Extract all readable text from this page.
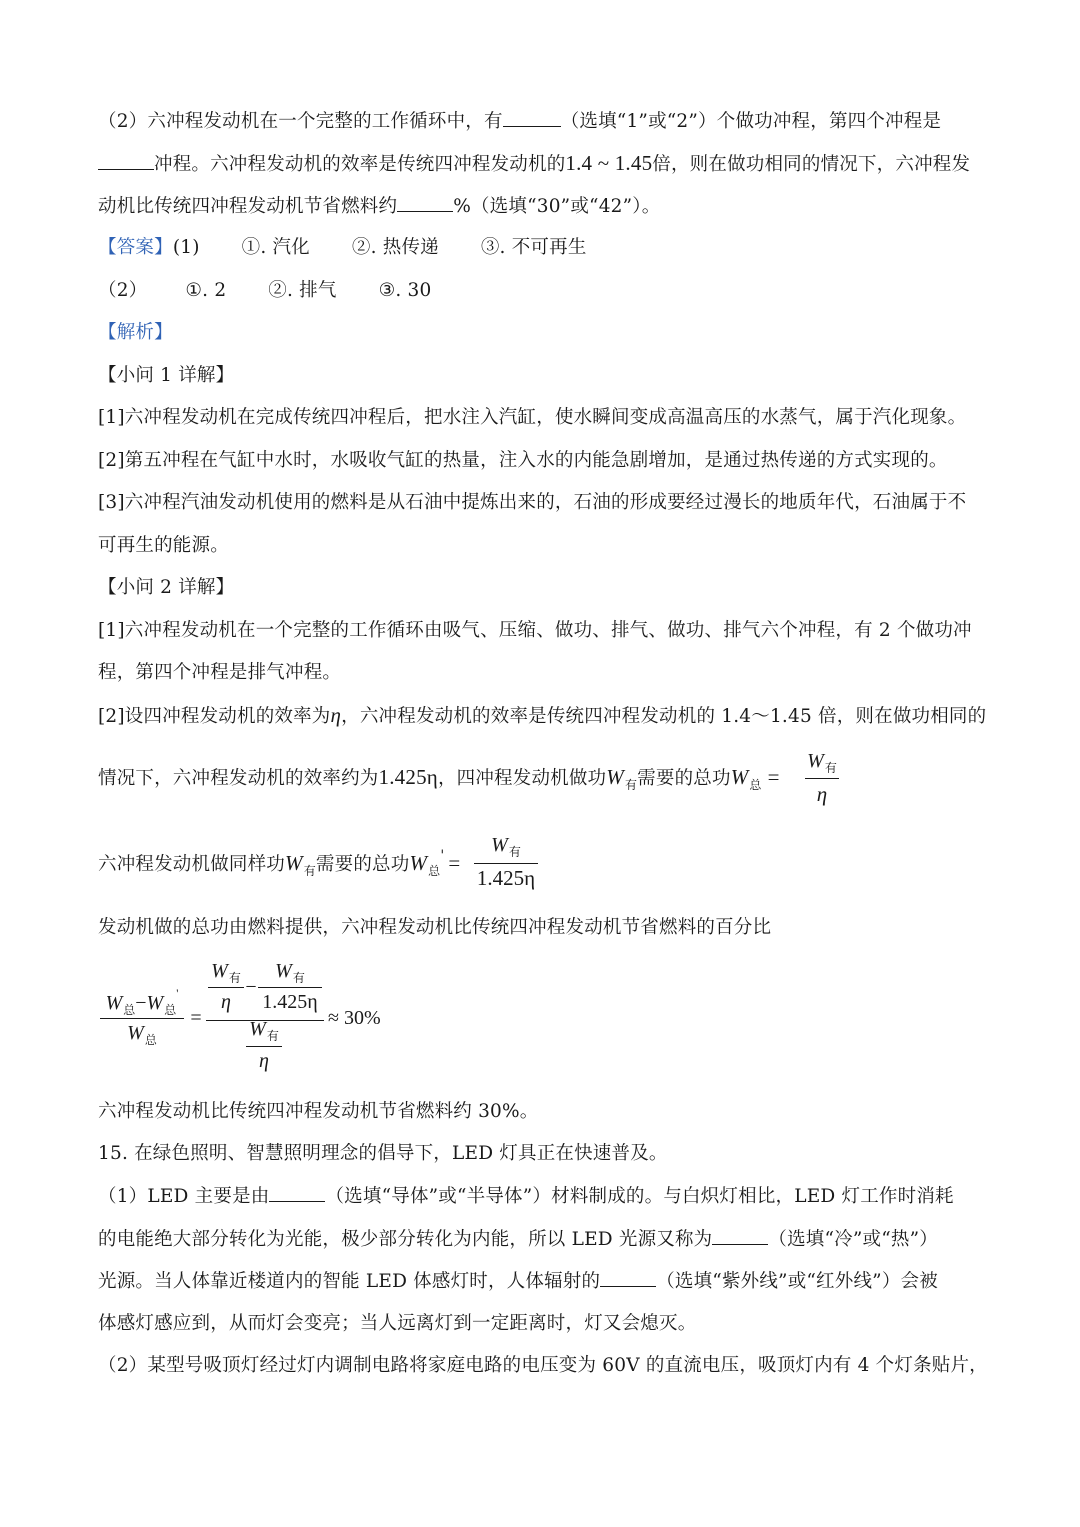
（2）六冲程发动机在一个完整的工作循环中，有	（选填“1”或“2”）个做功冲程，第四个冲程是
冲程。六冲程发动机的效率是传统四冲程发动机的1.4 ~ 1.45倍，则在做功相同的情况下，六冲程发
动机比传统四冲程发动机节省燃料约	%（选填“30”或“42”）。
【答案】(1) ①. 汽化 ②. 热传递 ③. 不可再生
（2） ①. 2 ②. 排气 ③. 30
【解析】
【小问 1 详解】
[1]六冲程发动机在完成传统四冲程后，把水注入汽缸，使水瞬间变成高温高压的水蒸气，属于汽化现象。
[2]第五冲程在气缸中水时，水吸收气缸的热量，注入水的内能急剧增加，是通过热传递的方式实现的。
[3]六冲程汽油发动机使用的燃料是从石油中提炼出来的，石油的形成要经过漫长的地质年代，石油属于不
可再生的能源。
【小问 2 详解】
[1]六冲程发动机在一个完整的工作循环由吸气、压缩、做功、排气、做功、排气六个冲程，有 2 个做功冲
程，第四个冲程是排气冲程。
[2]设四冲程发动机的效率为η，六冲程发动机的效率是传统四冲程发动机的 1.4～1.45 倍，则在做功相同的
情况下，六冲程发动机的效率约为1.425η，四冲程发动机做功$W_有$需要的总功$W_总$ =
$W_有$
η
六冲程发动机做同样功$W_有$需要的总功$W_总'$ =
$W_有$
1.425η
发动机做的总功由燃料提供，六冲程发动机比传统四冲程发动机节省燃料的百分比
$W_总-W_总'$
$W_总$
=
$W_有$
η
−
$W_有$
1.425η
$W_有$
η
≈ 30%
六冲程发动机比传统四冲程发动机节省燃料约 30%。
15. 在绿色照明、智慧照明理念的倡导下，LED 灯具正在快速普及。
（1）LED 主要是由	（选填“导体”或“半导体”）材料制成的。与白炽灯相比，LED 灯工作时消耗
的电能绝大部分转化为光能，极少部分转化为内能，所以 LED 光源又称为	（选填“冷”或“热”）
光源。当人体靠近楼道内的智能 LED 体感灯时，人体辐射的	（选填“紫外线”或“红外线”）会被
体感灯感应到，从而灯会变亮；当人远离灯到一定距离时，灯又会熄灭。
（2）某型号吸顶灯经过灯内调制电路将家庭电路的电压变为 60V 的直流电压，吸顶灯内有 4 个灯条贴片，
